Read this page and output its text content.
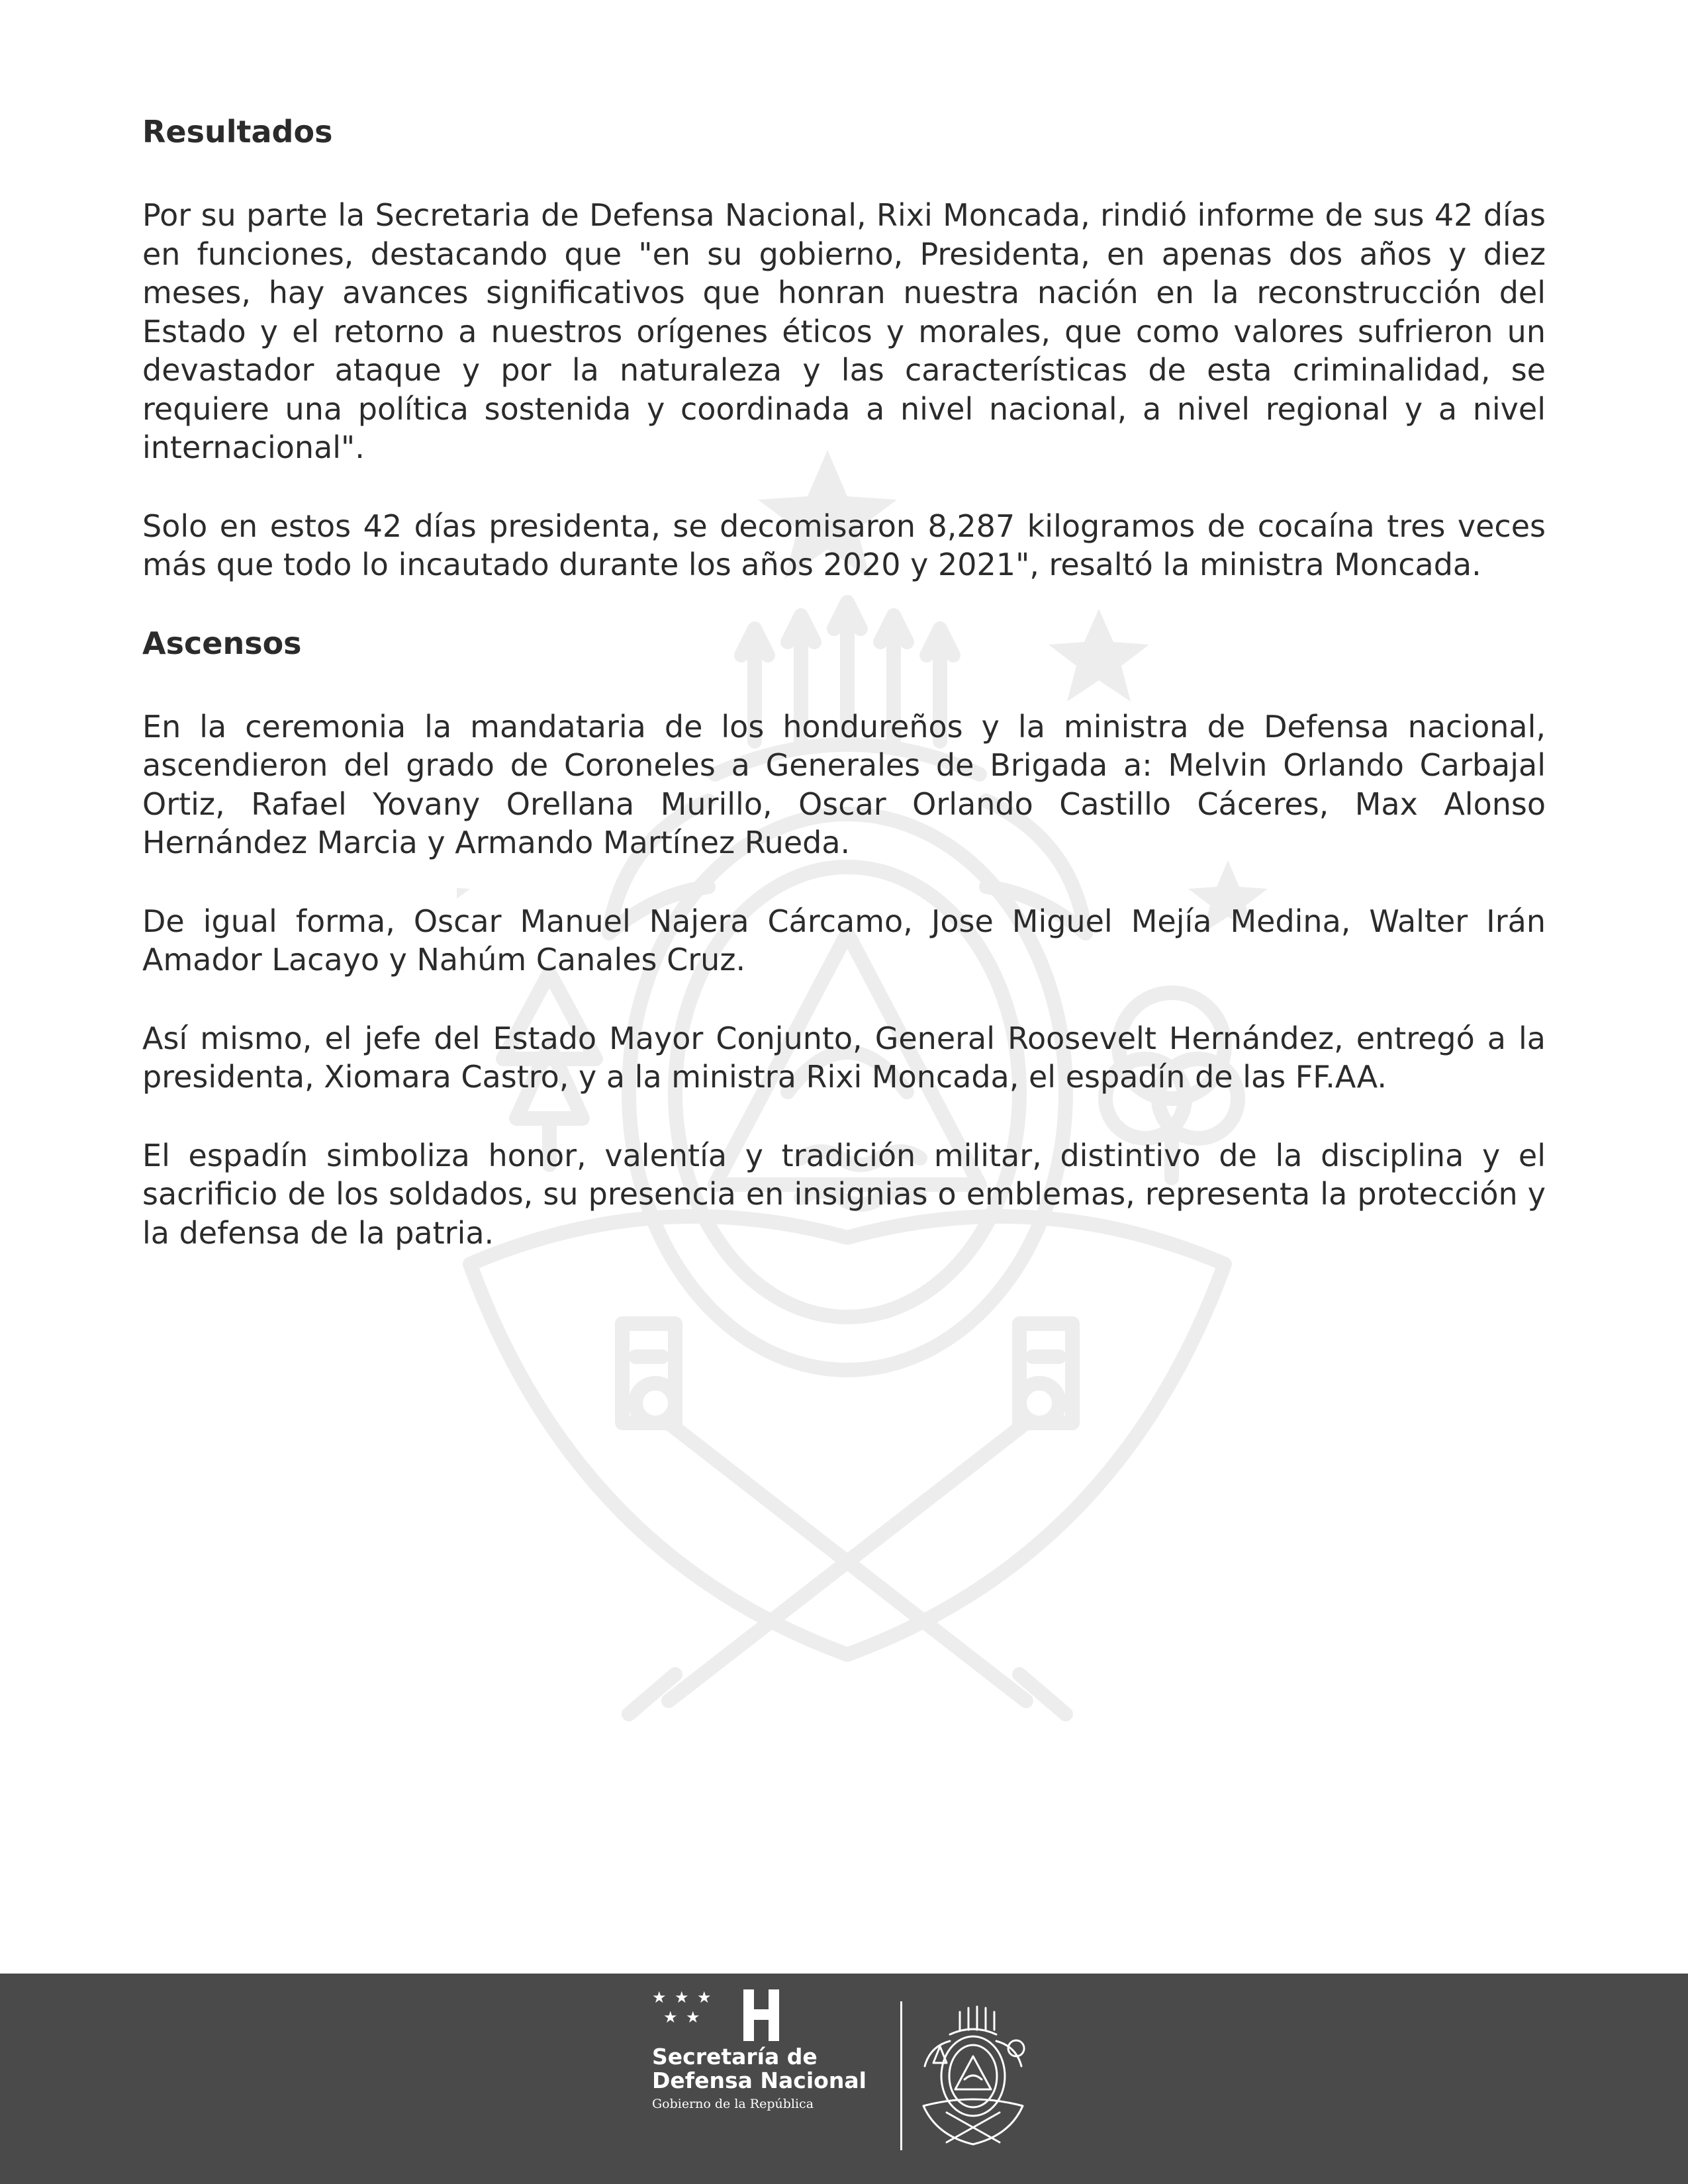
Resultados

Por su parte la Secretaria de Defensa Nacional, Rixi Moncada, rindió informe de sus 42 días en funciones, destacando que "en su gobierno, Presidenta, en apenas dos años y diez meses, hay avances significativos que honran nuestra nación en la reconstrucción del Estado y el retorno a nuestros orígenes éticos y morales, que como valores sufrieron un devastador ataque y por la naturaleza y las características de esta criminalidad, se requiere una política sostenida y coordinada a nivel nacional, a nivel regional y a nivel internacional".

Solo en estos 42 días presidenta, se decomisaron 8,287 kilogramos de cocaína tres veces más que todo lo incautado durante los años 2020 y 2021", resaltó la ministra Moncada.

Ascensos

En la ceremonia la mandataria de los hondureños y la ministra de Defensa nacional, ascendieron del grado de Coroneles a Generales de Brigada a: Melvin Orlando Carbajal Ortiz, Rafael Yovany Orellana Murillo, Oscar Orlando Castillo Cáceres, Max Alonso Hernández Marcia y Armando Martínez Rueda.

De igual forma, Oscar Manuel Najera Cárcamo, Jose Miguel Mejía Medina, Walter Irán Amador Lacayo y Nahúm Canales Cruz.

Así mismo, el jefe del Estado Mayor Conjunto, General Roosevelt Hernández, entregó a la presidenta, Xiomara Castro, y a la ministra Rixi Moncada, el espadín de las FF.AA.

El espadín simboliza honor, valentía y tradición militar, distintivo de la disciplina y el sacrificio de los soldados, su presencia en insignias o emblemas, representa la protección y la defensa de la patria.

★ ★ ★
★ ★
Secretaría de
Defensa Nacional
Gobierno de la República
